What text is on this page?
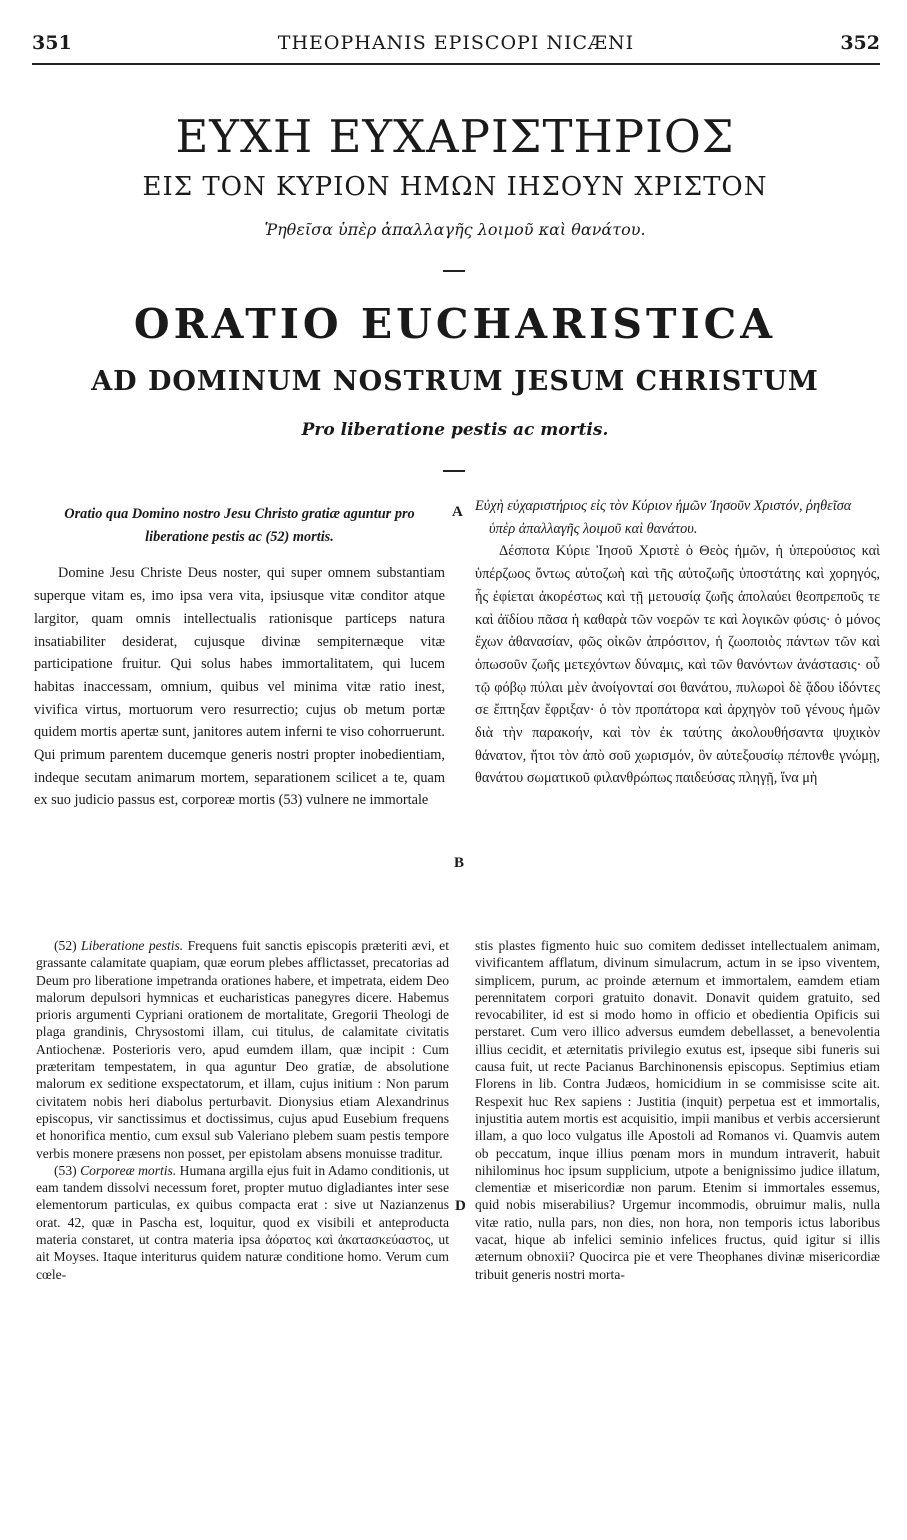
351	THEOPHANIS EPISCOPI NICÆNI	352
ΕΥΧΗ ΕΥΧΑΡΙΣΤΗΡΙΟΣ
ΕΙΣ ΤΟΝ ΚΥΡΙΟΝ ΗΜΩΝ ΙΗΣΟΥΝ ΧΡΙΣΤΟΝ
Ῥηθεῖσα ὑπὲρ ἀπαλλαγῆς λοιμοῦ καὶ θανάτου.
ORATIO EUCHARISTICA
AD DOMINUM NOSTRUM JESUM CHRISTUM
Pro liberatione pestis ac mortis.

Oratio qua Domino nostro Jesu Christo gratiæ aguntur pro liberatione pestis ac (52) mortis.

Domine Jesu Christe Deus noster, qui super omnem substantiam superque vitam es, imo ipsa vera vita, ipsiusque vitæ conditor atque largitor, quam omnis intellectualis rationisque particeps natura insatiabiliter desiderat, cujusque divinæ sempiternæque vitæ participatione fruitur. Qui solus habes immortalitatem, qui lucem habitas inaccessam, omnium, quibus vel minima vitæ ratio inest, vivifica virtus, mortuorum vero resurrectio; cujus ob metum portæ quidem mortis apertæ sunt, janitores autem inferni te viso cohorruerunt. Qui primum parentem ducemque generis nostri propter inobedientiam, indeque secutam animarum mortem, separationem scilicet a te, quam ex suo judicio passus est, corporeæ mortis (53) vulnere ne immortale

A
B
D

Εὐχὴ εὐχαριστήριος εἰς τὸν Κύριον ἡμῶν Ἰησοῦν Χριστόν, ῥηθεῖσα ὑπὲρ ἀπαλλαγῆς λοιμοῦ καὶ θανάτου.

Δέσποτα Κύριε Ἰησοῦ Χριστὲ ὁ Θεὸς ἡμῶν, ἡ ὑπερούσιος καὶ ὑπέρζωος ὄντως αὐτοζωὴ καὶ τῆς αὐτοζωῆς ὑποστάτης καὶ χορηγός, ἧς ἐφίεται ἀκορέστως καὶ τῇ μετουσίᾳ ζωῆς ἀπολαύει θεοπρεποῦς τε καὶ ἀϊδίου πᾶσα ἡ καθαρὰ τῶν νοερῶν τε καὶ λογικῶν φύσις· ὁ μόνος ἔχων ἀθανασίαν, φῶς οἰκῶν ἀπρόσιτον, ἡ ζωοποιὸς πάντων τῶν καὶ ὁπωσοῦν ζωῆς μετεχόντων δύναμις, καὶ τῶν θανόντων ἀνάστασις· οὗ τῷ φόβῳ πύλαι μὲν ἀνοίγονταί σοι θανάτου, πυλωροὶ δὲ ᾅδου ἰδόντες σε ἔπτηξαν ἔφριξαν· ὁ τὸν προπάτορα καὶ ἀρχηγὸν τοῦ γένους ἡμῶν διὰ τὴν παρακοήν, καὶ τὸν ἐκ ταύτης ἀκολουθήσαντα ψυχικὸν θάνατον, ἤτοι τὸν ἀπὸ σοῦ χωρισμόν, ὃν αὐτεξουσίῳ πέπονθε γνώμῃ, θανάτου σωματικοῦ φιλανθρώπως παιδεύσας πληγῇ, ἵνα μὴ

(52) Liberatione pestis. Frequens fuit sanctis episcopis præteriti ævi, et grassante calamitate quapiam, quæ eorum plebes afflictasset, precatorias ad Deum pro liberatione impetranda orationes habere, et impetrata, eidem Deo malorum depulsori hymnicas et eucharisticas panegyres dicere. Habemus prioris argumenti Cypriani orationem de mortalitate, Gregorii Theologi de plaga grandinis, Chrysostomi illam, cui titulus, de calamitate civitatis Antiochenæ. Posterioris vero, apud eumdem illam, quæ incipit : Cum præteritam tempestatem, in qua aguntur Deo gratiæ, de absolutione malorum ex seditione exspectatorum, et illam, cujus initium : Non parum civitatem nobis heri diabolus perturbavit. Dionysius etiam Alexandrinus episcopus, vir sanctissimus et doctissimus, cujus apud Eusebium frequens et honorifica mentio, cum exsul sub Valeriano plebem suam pestis tempore verbis monere præsens non posset, per epistolam absens monuisse traditur.

(53) Corporeæ mortis. Humana argilla ejus fuit in Adamo conditionis, ut eam tandem dissolvi necessum foret, propter mutuo digladiantes inter sese elementorum particulas, ex quibus compacta erat : sive ut Nazianzenus orat. 42, quæ in Pascha est, loquitur, quod ex visibili et anteproducta materia constaret, ut contra materia ipsa ἀόρατος καὶ ἀκατασκεύαστος, ut ait Moyses. Itaque interiturus quidem naturæ conditione homo. Verum cum cœle-

stis plastes figmento huic suo comitem dedisset intellectualem animam, vivificantem afflatum, divinum simulacrum, actum in se ipso viventem, simplicem, purum, ac proinde æternum et immortalem, eamdem etiam perennitatem corpori gratuito donavit. Donavit quidem gratuito, sed revocabiliter, id est si modo homo in officio et obedientia Opificis sui perstaret. Cum vero illico adversus eumdem debellasset, a benevolentia illius cecidit, et æternitatis privilegio exutus est, ipseque sibi funeris sui causa fuit, ut recte Pacianus Barchinonensis episcopus. Septimius etiam Florens in lib. Contra Judæos, homicidium in se commisisse scite ait. Respexit huc Rex sapiens : Justitia (inquit) perpetua est et immortalis, injustitia autem mortis est acquisitio, impii manibus et verbis accersierunt illam, a quo loco vulgatus ille Apostoli ad Romanos vi. Quamvis autem ob peccatum, inque illius pœnam mors in mundum intraverit, habuit nihilominus hoc ipsum supplicium, utpote a benignissimo judice illatum, clementiæ et misericordiæ non parum. Etenim si immortales essemus, quid nobis miserabilius? Urgemur incommodis, obruimur malis, nulla vitæ ratio, nulla pars, non dies, non hora, non temporis ictus laboribus vacat, hique ab infelici seminio infelices fructus, quid igitur si illis æternum obnoxii? Quocirca pie et vere Theophanes divinæ misericordiæ tribuit generis nostri morta-
